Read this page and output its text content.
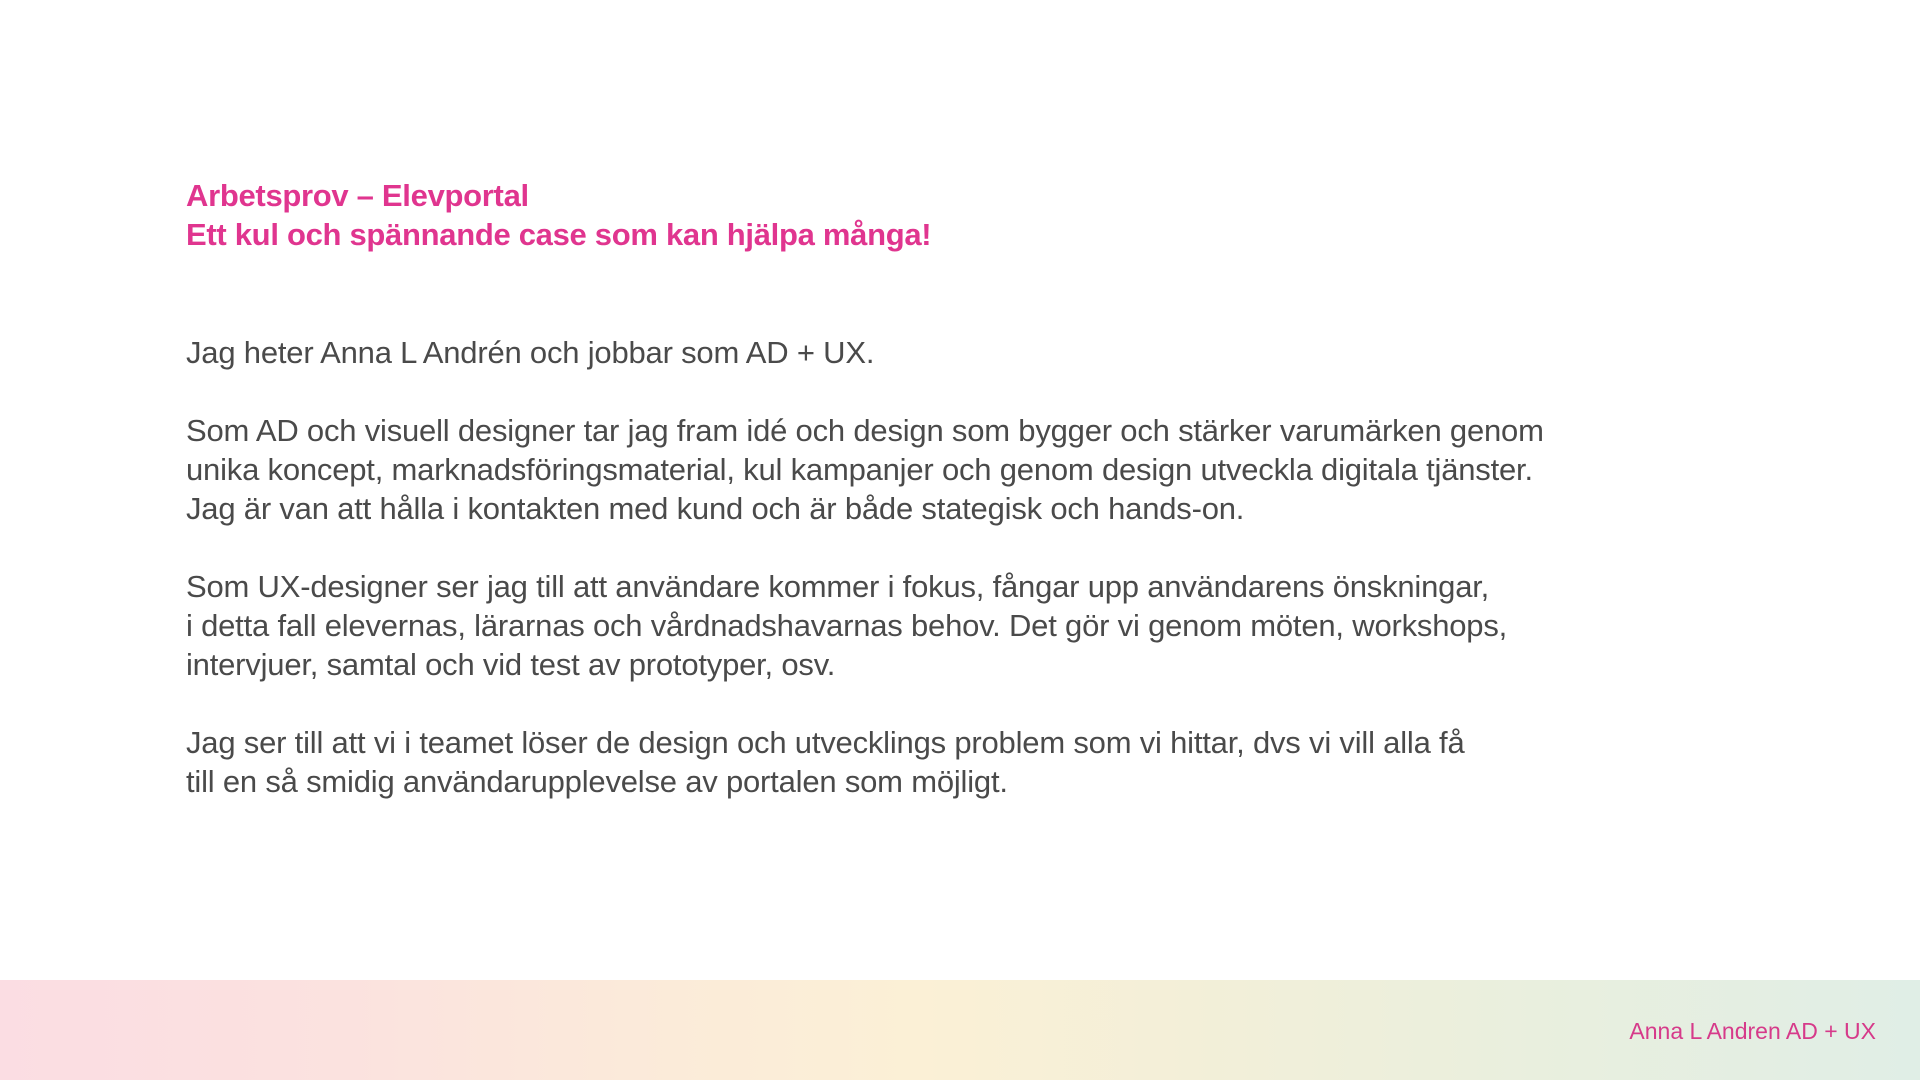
Arbetsprov – Elevportal
Ett kul och spännande case som kan hjälpa många!
Jag heter Anna L Andrén och jobbar som AD + UX.
Som AD och visuell designer tar jag fram idé och design som bygger och stärker varumärken genom
unika koncept, marknadsföringsmaterial, kul kampanjer och genom design utveckla digitala tjänster.
Jag är van att hålla i kontakten med kund och är både stategisk och hands-on.
Som UX-designer ser jag till att användare kommer i fokus, fångar upp användarens önskningar,
i detta fall elevernas, lärarnas och vårdnadshavarnas behov. Det gör vi genom möten, workshops,
intervjuer, samtal och vid test av prototyper, osv.
Jag ser till att vi i teamet löser de design och utvecklings problem som vi hittar, dvs vi vill alla få
till en så smidig användarupplevelse av portalen som möjligt.
Anna L Andren AD + UX
